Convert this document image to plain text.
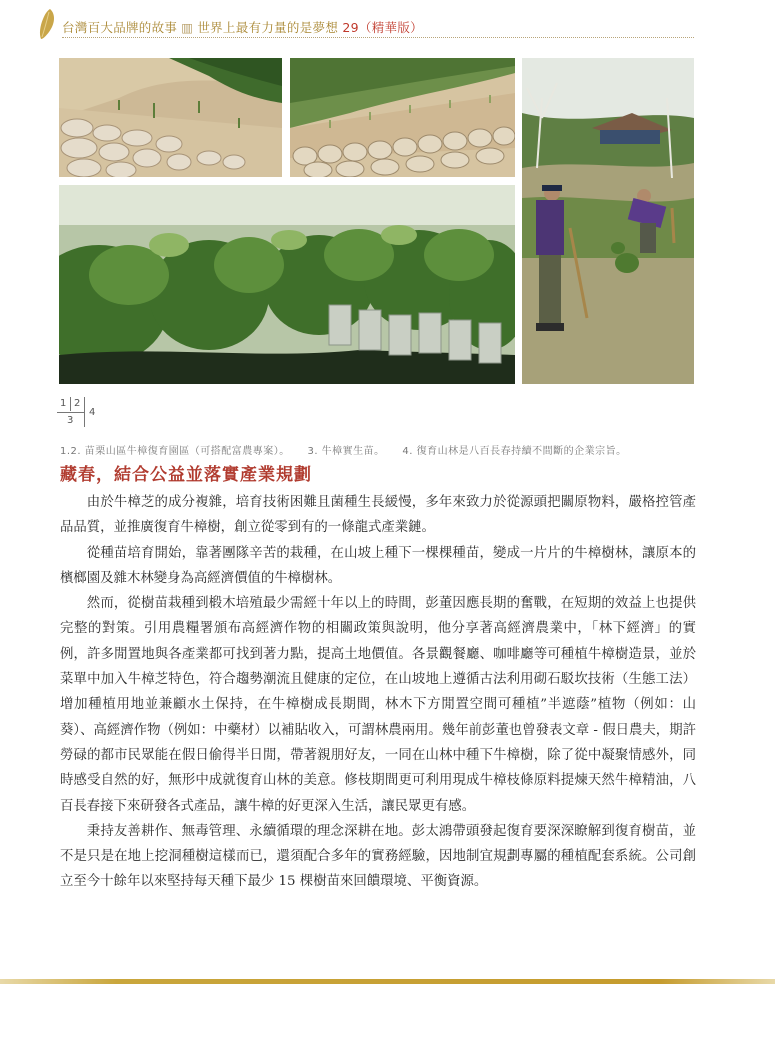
台灣百大品牌的故事 ▥ 世界上最有力量的是夢想 29（精華版）
1 2
3
4
1.2. 苗栗山區牛樟復育園區（可搭配富農專案）。 3. 牛樟實生苗。 4. 復育山林是八百長春持續不間斷的企業宗旨。
藏春，結合公益並落實產業規劃

由於牛樟芝的成分複雜，培育技術困難且菌種生長緩慢，多年來致力於從源頭把關原物料，嚴格控管產品品質，並推廣復育牛樟樹，創立從零到有的一條龍式產業鏈。

從種苗培育開始，靠著團隊辛苦的栽種，在山坡上種下一棵棵種苗，變成一片片的牛樟樹林，讓原本的檳榔園及雜木林變身為高經濟價值的牛樟樹林。

然而，從樹苗栽種到椴木培殖最少需經十年以上的時間，彭董因應長期的奮戰，在短期的效益上也提供完整的對策。引用農糧署頒布高經濟作物的相關政策與說明，他分享著高經濟農業中，「林下經濟」的實例，許多閒置地與各產業都可找到著力點，提高土地價值。各景觀餐廳、咖啡廳等可種植牛樟樹造景，並於菜單中加入牛樟芝特色，符合趨勢潮流且健康的定位，在山坡地上遵循古法利用砌石駁坎技術（生態工法）增加種植用地並兼顧水土保持，在牛樟樹成長期間，林木下方閒置空間可種植”半遮蔭”植物（例如：山葵）、高經濟作物（例如：中藥材）以補貼收入，可謂林農兩用。幾年前彭董也曾發表文章 - 假日農夫，期許勞碌的都市民眾能在假日偷得半日閒，帶著親朋好友，一同在山林中種下牛樟樹，除了從中凝聚情感外，同時感受自然的好，無形中成就復育山林的美意。修枝期間更可利用現成牛樟枝條原料提煉天然牛樟精油，八百長春接下來研發各式產品，讓牛樟的好更深入生活，讓民眾更有感。

秉持友善耕作、無毒管理、永續循環的理念深耕在地。彭太鴻帶頭發起復育要深深瞭解到復育樹苗，並不是只是在地上挖洞種樹這樣而已，還須配合多年的實務經驗，因地制宜規劃專屬的種植配套系統。公司創立至今十餘年以來堅持每天種下最少 15 棵樹苗來回饋環境、平衡資源。
